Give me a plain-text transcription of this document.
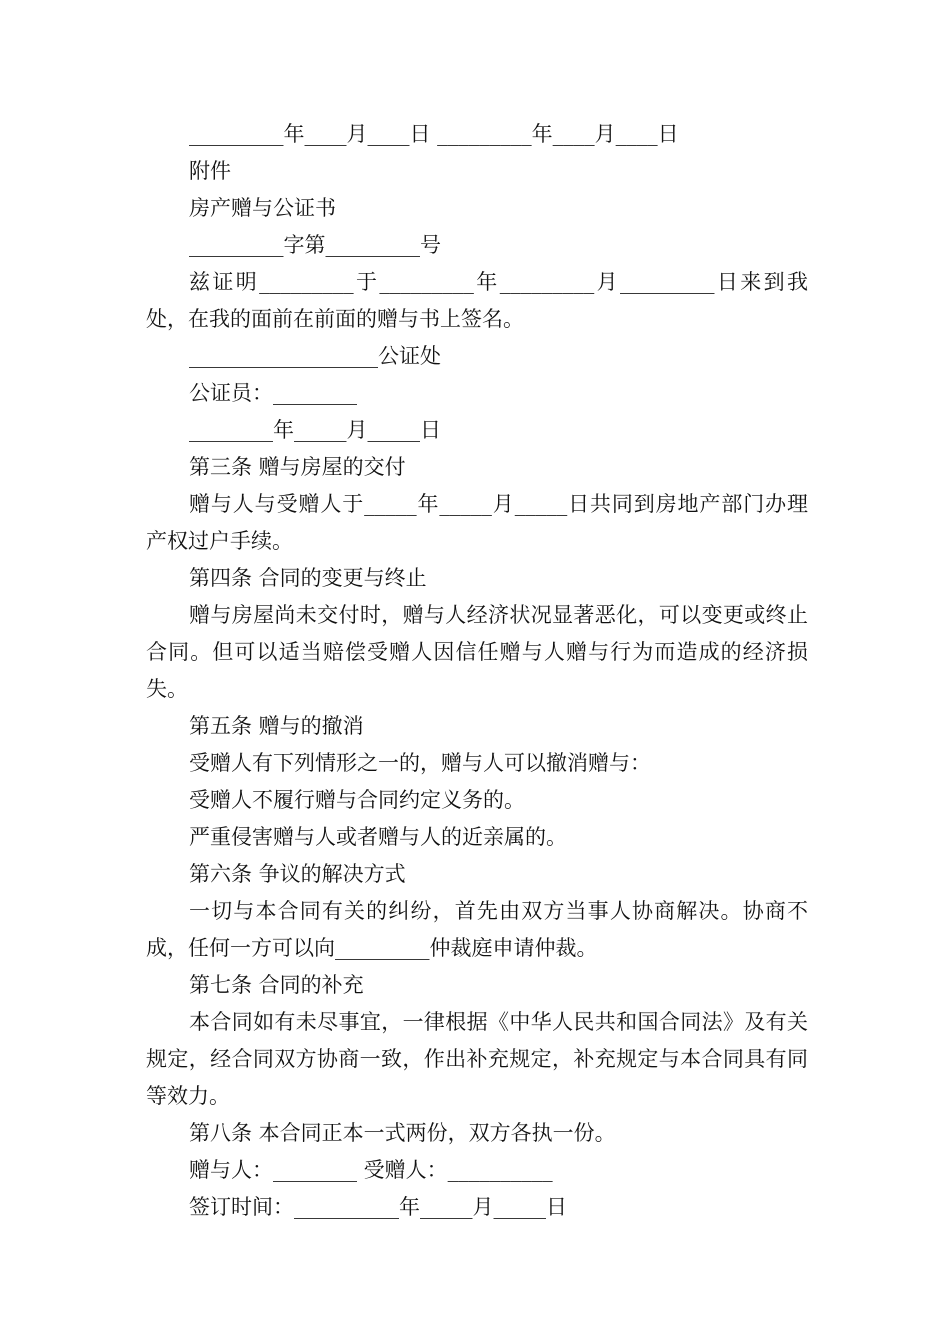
_________年____月____日 _________年____月____日
附件
房产赠与公证书
_________字第_________号

兹证明_________于_________年_________月_________日来到我处，在我的面前在前面的赠与书上签名。

__________________公证处
公证员：________
________年_____月_____日
第三条 赠与房屋的交付

赠与人与受赠人于_____年_____月_____日共同到房地产部门办理产权过户手续。

第四条 合同的变更与终止

赠与房屋尚未交付时，赠与人经济状况显著恶化，可以变更或终止合同。但可以适当赔偿受赠人因信任赠与人赠与行为而造成的经济损失。

第五条 赠与的撤消
受赠人有下列情形之一的，赠与人可以撤消赠与：
受赠人不履行赠与合同约定义务的。
严重侵害赠与人或者赠与人的近亲属的。
第六条 争议的解决方式

一切与本合同有关的纠纷，首先由双方当事人协商解决。协商不成，任何一方可以向_________仲裁庭申请仲裁。

第七条 合同的补充

本合同如有未尽事宜，一律根据《中华人民共和国合同法》及有关规定，经合同双方协商一致，作出补充规定，补充规定与本合同具有同等效力。

第八条 本合同正本一式两份，双方各执一份。
赠与人：________ 受赠人：__________
签订时间：__________年_____月_____日
